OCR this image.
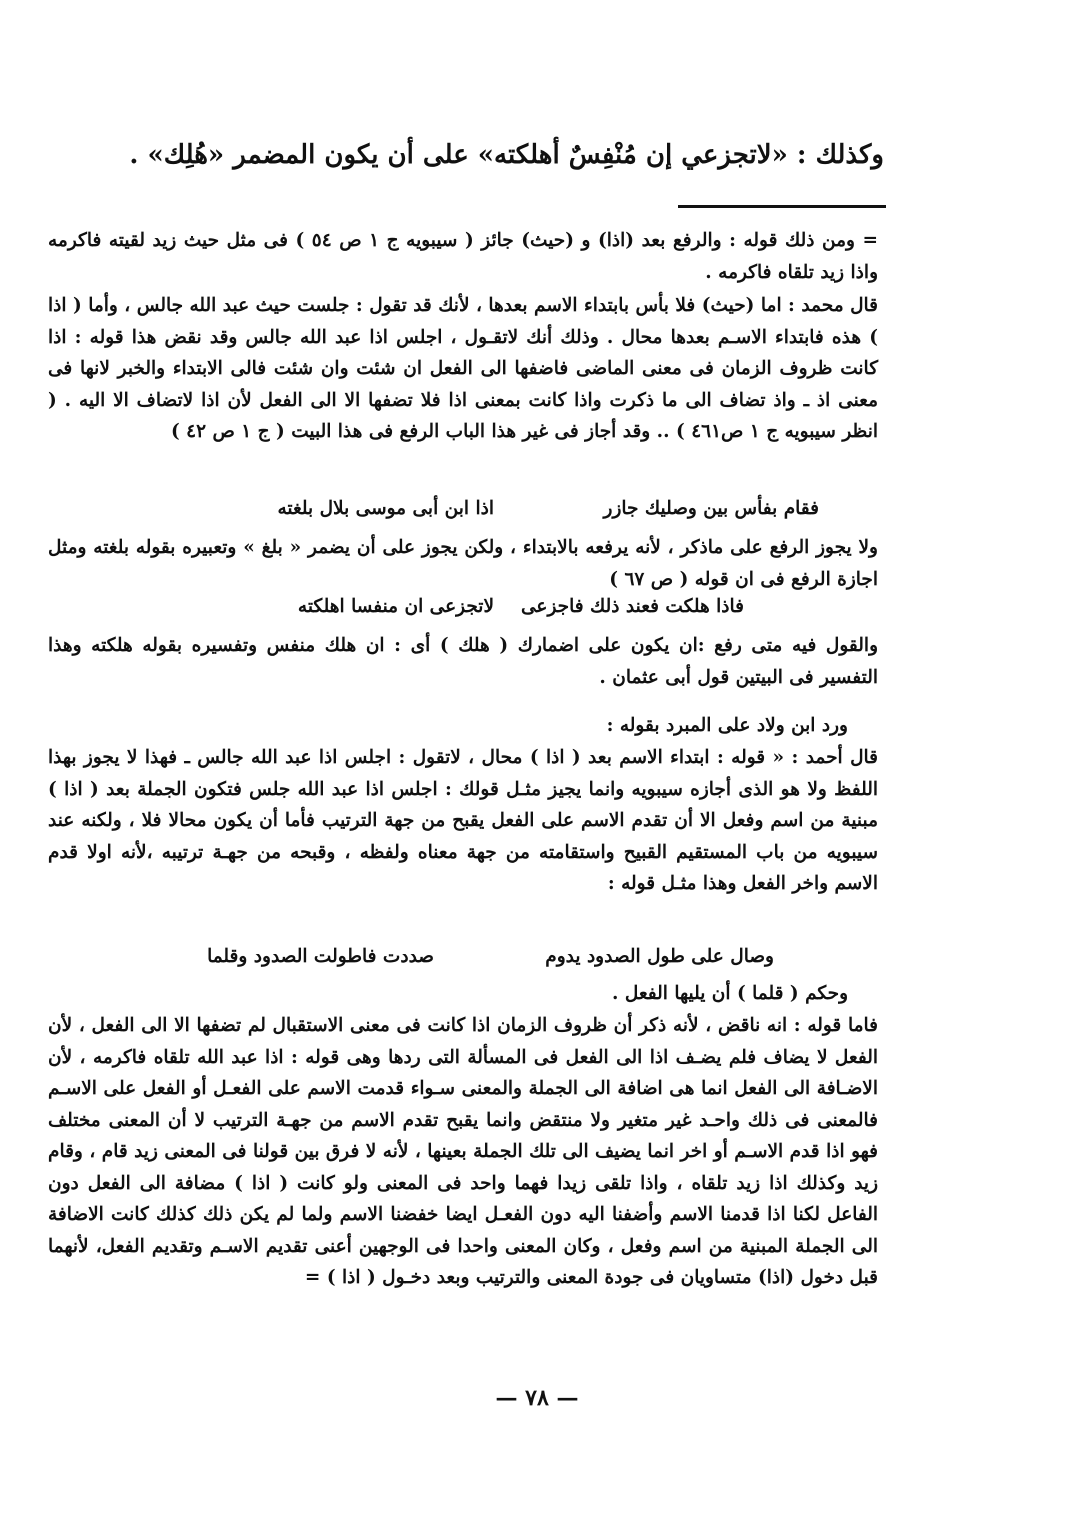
وكذلك : «لاتجزعي إن مُنْفِسٌ أهلكته» على أن يكون المضمر «هُلِك» .
= ومن ذلك قوله : والرفع بعد (اذا) و (حيث) جائز ( سيبويه ج ١ ص ٥٤ ) فى مثل حيث زيد لقيته فاكرمه واذا زيد تلقاه فاكرمه .
قال محمد : اما (حيث) فلا بأس بابتداء الاسم بعدها ، لأنك قد تقول : جلست حيث عبد الله جالس ، وأما ( اذا ) هذه فابتداء الاسـم بعدها محال . وذلك أنك لاتقـول ، اجلس اذا عبد الله جالس وقد نقض هذا قوله : اذا كانت ظروف الزمان فى معنى الماضى فاضفها الى الفعل ان شئت وان شئت فالى الابتداء والخبر لانها فى معنى اذ ـ واذ تضاف الى ما ذكرت واذا كانت بمعنى اذا فلا تضفها الا الى الفعل لأن اذا لاتضاف الا اليه . ( انظر سيبويه ج ١ ص٤٦١ ) .. وقد أجاز فى غير هذا الباب الرفع فى هذا البيت ( ج ١ ص ٤٢ )
اذا ابن أبى موسى بلال بلغته	فقام بفأس بين وصليك جازر
ولا يجوز الرفع على ماذكر ، لأنه يرفعه بالابتداء ، ولكن يجوز على أن يضمر « بلغ » وتعبيره بقوله بلغته ومثل اجازة الرفع فى ان قوله ( ص ٦٧ )
لاتجزعى ان منفسا اهلكته فاذا هلكت فعند ذلك فاجزعى
والقول فيه متى رفع :ان يكون على اضمارك ( هلك ) أى : ان هلك منفس وتفسيره بقوله هلكته وهذا التفسير فى البيتين قول أبى عثمان .
ورد ابن ولاد على المبرد بقوله :
قال أحمد : « قوله : ابتداء الاسم بعد ( اذا ) محال ، لاتقول : اجلس اذا عبد الله جالس ـ فهذا لا يجوز بهذا اللفظ ولا هو الذى أجازه سيبويه وانما يجيز مثـل قولك : اجلس اذا عبد الله جلس فتكون الجملة بعد ( اذا ) مبنية من اسم وفعل الا أن تقدم الاسم على الفعل يقبح من جهة الترتيب فأما أن يكون محالا فلا ، ولكنه عند سيبويه من باب المستقيم القبيح واستقامته من جهة معناه ولفظه ، وقبحه من جهـة ترتيبه ،لأنه اولا قدم الاسم واخر الفعل وهذا مثـل قوله :
صددت فاطولت الصدود وقلما	وصال على طول الصدود يدوم
وحكم ( قلما ) أن يليها الفعل .
فاما قوله : انه ناقض ، لأنه ذكر أن ظروف الزمان اذا كانت فى معنى الاستقبال لم تضفها الا الى الفعل ، لأن الفعل لا يضاف فلم يضـف اذا الى الفعل فى المسألة التى ردها وهى قوله : اذا عبد الله تلقاه فاكرمه ، لأن الاضـافة الى الفعل انما هى اضافة الى الجملة والمعنى سـواء قدمت الاسم على الفعـل أو الفعل على الاسـم فالمعنى فى ذلك واحـد غير متغير ولا منتقض وانما يقبح تقدم الاسم من جهـة الترتيب لا أن المعنى مختلف فهو اذا قدم الاسـم أو اخر انما يضيف الى تلك الجملة بعينها ، لأنه لا فرق بين قولنا فى المعنى زيد قام ، وقام زيد وكذلك اذا زيد تلقاه ، واذا تلقى زيدا فهما واحد فى المعنى ولو كانت ( اذا ) مضافة الى الفعل دون الفاعل لكنا اذا قدمنا الاسم وأضفنا اليه دون الفعـل ايضا خفضنا الاسم ولما لم يكن ذلك كذلك كانت الاضافة الى الجملة المبنية من اسم وفعل ، وكان المعنى واحدا فى الوجهين أعنى تقديم الاسـم وتقديم الفعل، لأنهما قبل دخول (اذا) متساويان فى جودة المعنى والترتيب وبعد دخـول ( اذا ) =
— ٧٨ —
